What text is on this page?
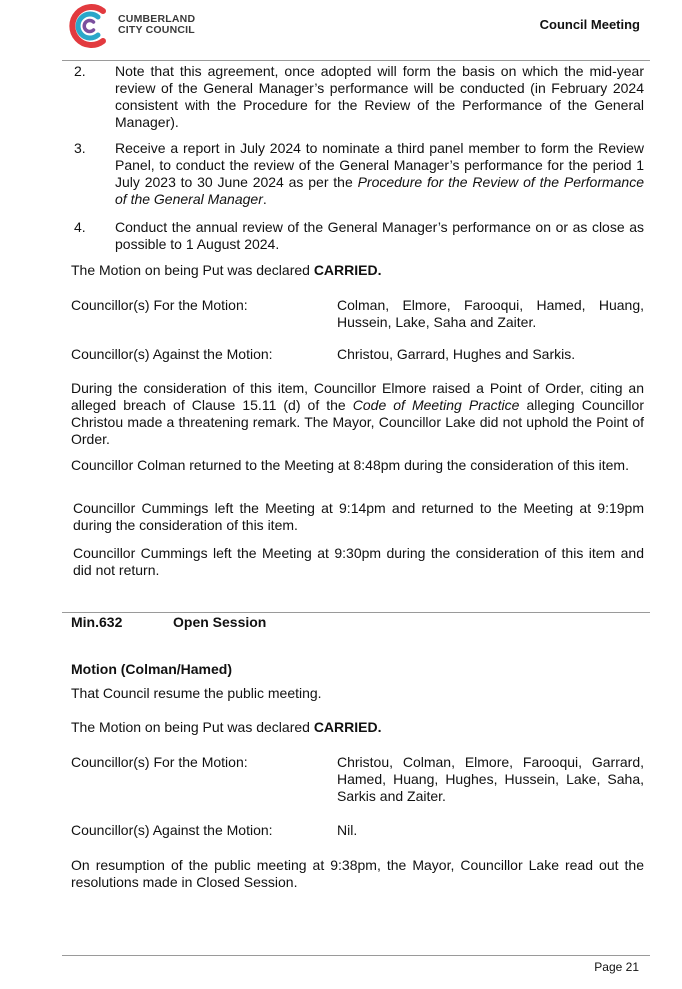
CUMBERLAND
CITY COUNCIL	Council Meeting
2. Note that this agreement, once adopted will form the basis on which the mid-year review of the General Manager’s performance will be conducted (in February 2024 consistent with the Procedure for the Review of the Performance of the General Manager).
3. Receive a report in July 2024 to nominate a third panel member to form the Review Panel, to conduct the review of the General Manager’s performance for the period 1 July 2023 to 30 June 2024 as per the Procedure for the Review of the Performance of the General Manager.
4. Conduct the annual review of the General Manager’s performance on or as close as possible to 1 August 2024.
The Motion on being Put was declared CARRIED.
Councillor(s) For the Motion:	Colman, Elmore, Farooqui, Hamed, Huang, Hussein, Lake, Saha and Zaiter.
Councillor(s) Against the Motion:	Christou, Garrard, Hughes and Sarkis.
During the consideration of this item, Councillor Elmore raised a Point of Order, citing an alleged breach of Clause 15.11 (d) of the Code of Meeting Practice alleging Councillor Christou made a threatening remark. The Mayor, Councillor Lake did not uphold the Point of Order.
Councillor Colman returned to the Meeting at 8:48pm during the consideration of this item.
Councillor Cummings left the Meeting at 9:14pm and returned to the Meeting at 9:19pm during the consideration of this item.
Councillor Cummings left the Meeting at 9:30pm during the consideration of this item and did not return.
Min.632	Open Session
Motion (Colman/Hamed)
That Council resume the public meeting.
The Motion on being Put was declared CARRIED.
Councillor(s) For the Motion:	Christou, Colman, Elmore, Farooqui, Garrard, Hamed, Huang, Hughes, Hussein, Lake, Saha, Sarkis and Zaiter.
Councillor(s) Against the Motion:	Nil.
On resumption of the public meeting at 9:38pm, the Mayor, Councillor Lake read out the resolutions made in Closed Session.
Page 21
